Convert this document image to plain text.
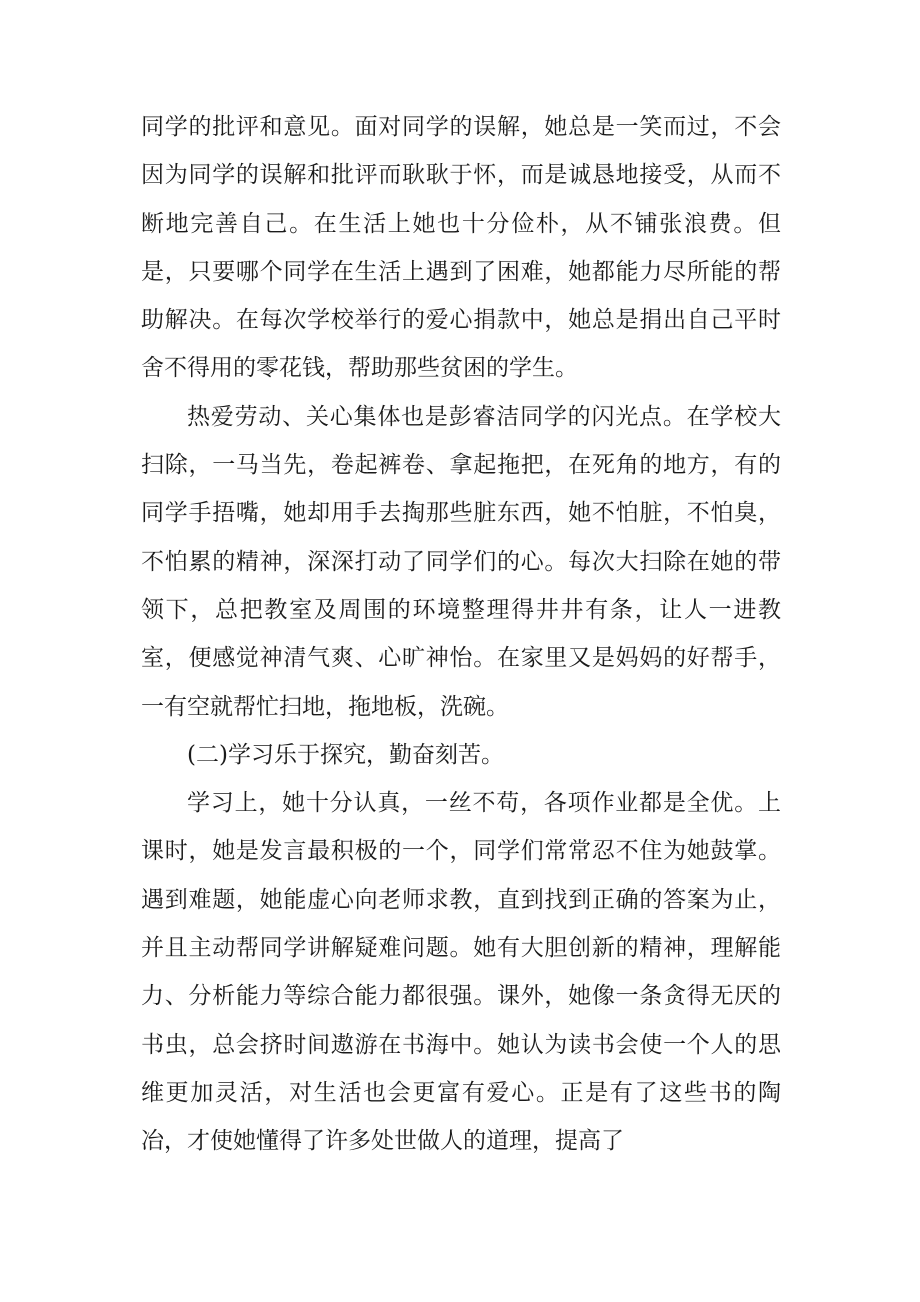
同学的批评和意见。面对同学的误解，她总是一笑而过，不会因为同学的误解和批评而耿耿于怀，而是诚恳地接受，从而不断地完善自己。在生活上她也十分俭朴，从不铺张浪费。但是，只要哪个同学在生活上遇到了困难，她都能力尽所能的帮助解决。在每次学校举行的爱心捐款中，她总是捐出自己平时舍不得用的零花钱，帮助那些贫困的学生。

热爱劳动、关心集体也是彭睿洁同学的闪光点。在学校大扫除，一马当先，卷起裤卷、拿起拖把，在死角的地方，有的同学手捂嘴，她却用手去掏那些脏东西，她不怕脏，不怕臭，不怕累的精神，深深打动了同学们的心。每次大扫除在她的带领下，总把教室及周围的环境整理得井井有条，让人一进教室，便感觉神清气爽、心旷神怡。在家里又是妈妈的好帮手，一有空就帮忙扫地，拖地板，洗碗。

(二)学习乐于探究，勤奋刻苦。

学习上，她十分认真，一丝不苟，各项作业都是全优。上课时，她是发言最积极的一个，同学们常常忍不住为她鼓掌。遇到难题，她能虚心向老师求教，直到找到正确的答案为止，并且主动帮同学讲解疑难问题。她有大胆创新的精神，理解能力、分析能力等综合能力都很强。课外，她像一条贪得无厌的书虫，总会挤时间遨游在书海中。她认为读书会使一个人的思维更加灵活，对生活也会更富有爱心。正是有了这些书的陶冶，才使她懂得了许多处世做人的道理，提高了
